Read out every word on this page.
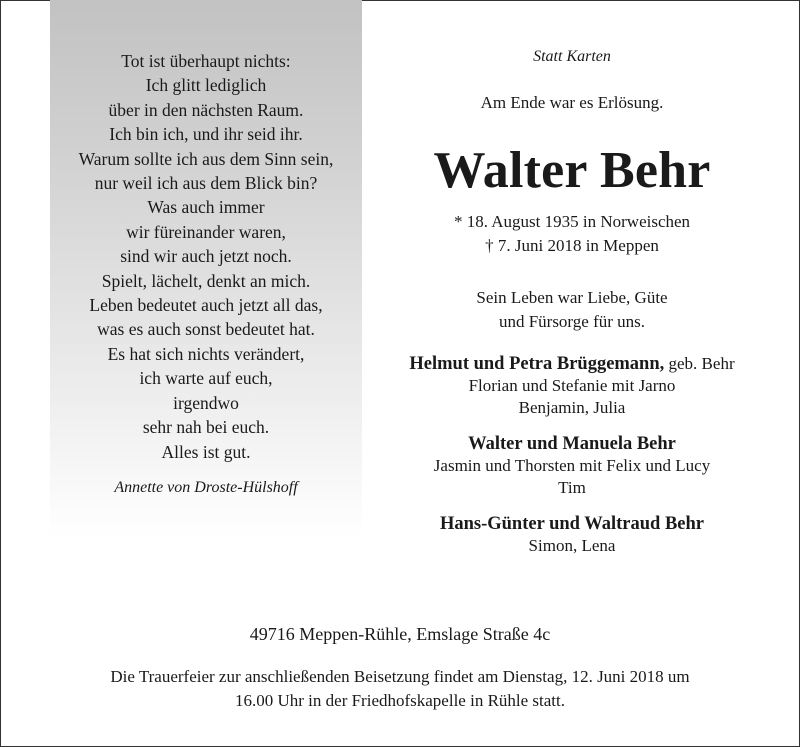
Tot ist überhaupt nichts:
Ich glitt lediglich
über in den nächsten Raum.
Ich bin ich, und ihr seid ihr.
Warum sollte ich aus dem Sinn sein,
nur weil ich aus dem Blick bin?
Was auch immer
wir füreinander waren,
sind wir auch jetzt noch.
Spielt, lächelt, denkt an mich.
Leben bedeutet auch jetzt all das,
was es auch sonst bedeutet hat.
Es hat sich nichts verändert,
ich warte auf euch,
irgendwo
sehr nah bei euch.
Alles ist gut.
Annette von Droste-Hülshoff
Statt Karten
Am Ende war es Erlösung.
Walter Behr
* 18. August 1935 in Norweischen
† 7. Juni 2018 in Meppen
Sein Leben war Liebe, Güte
und Fürsorge für uns.
Helmut und Petra Brüggemann, geb. Behr
Florian und Stefanie mit Jarno
Benjamin, Julia
Walter und Manuela Behr
Jasmin und Thorsten mit Felix und Lucy
Tim
Hans-Günter und Waltraud Behr
Simon, Lena
49716 Meppen-Rühle, Emslage Straße 4c
Die Trauerfeier zur anschließenden Beisetzung findet am Dienstag, 12. Juni 2018 um
16.00 Uhr in der Friedhofskapelle in Rühle statt.
